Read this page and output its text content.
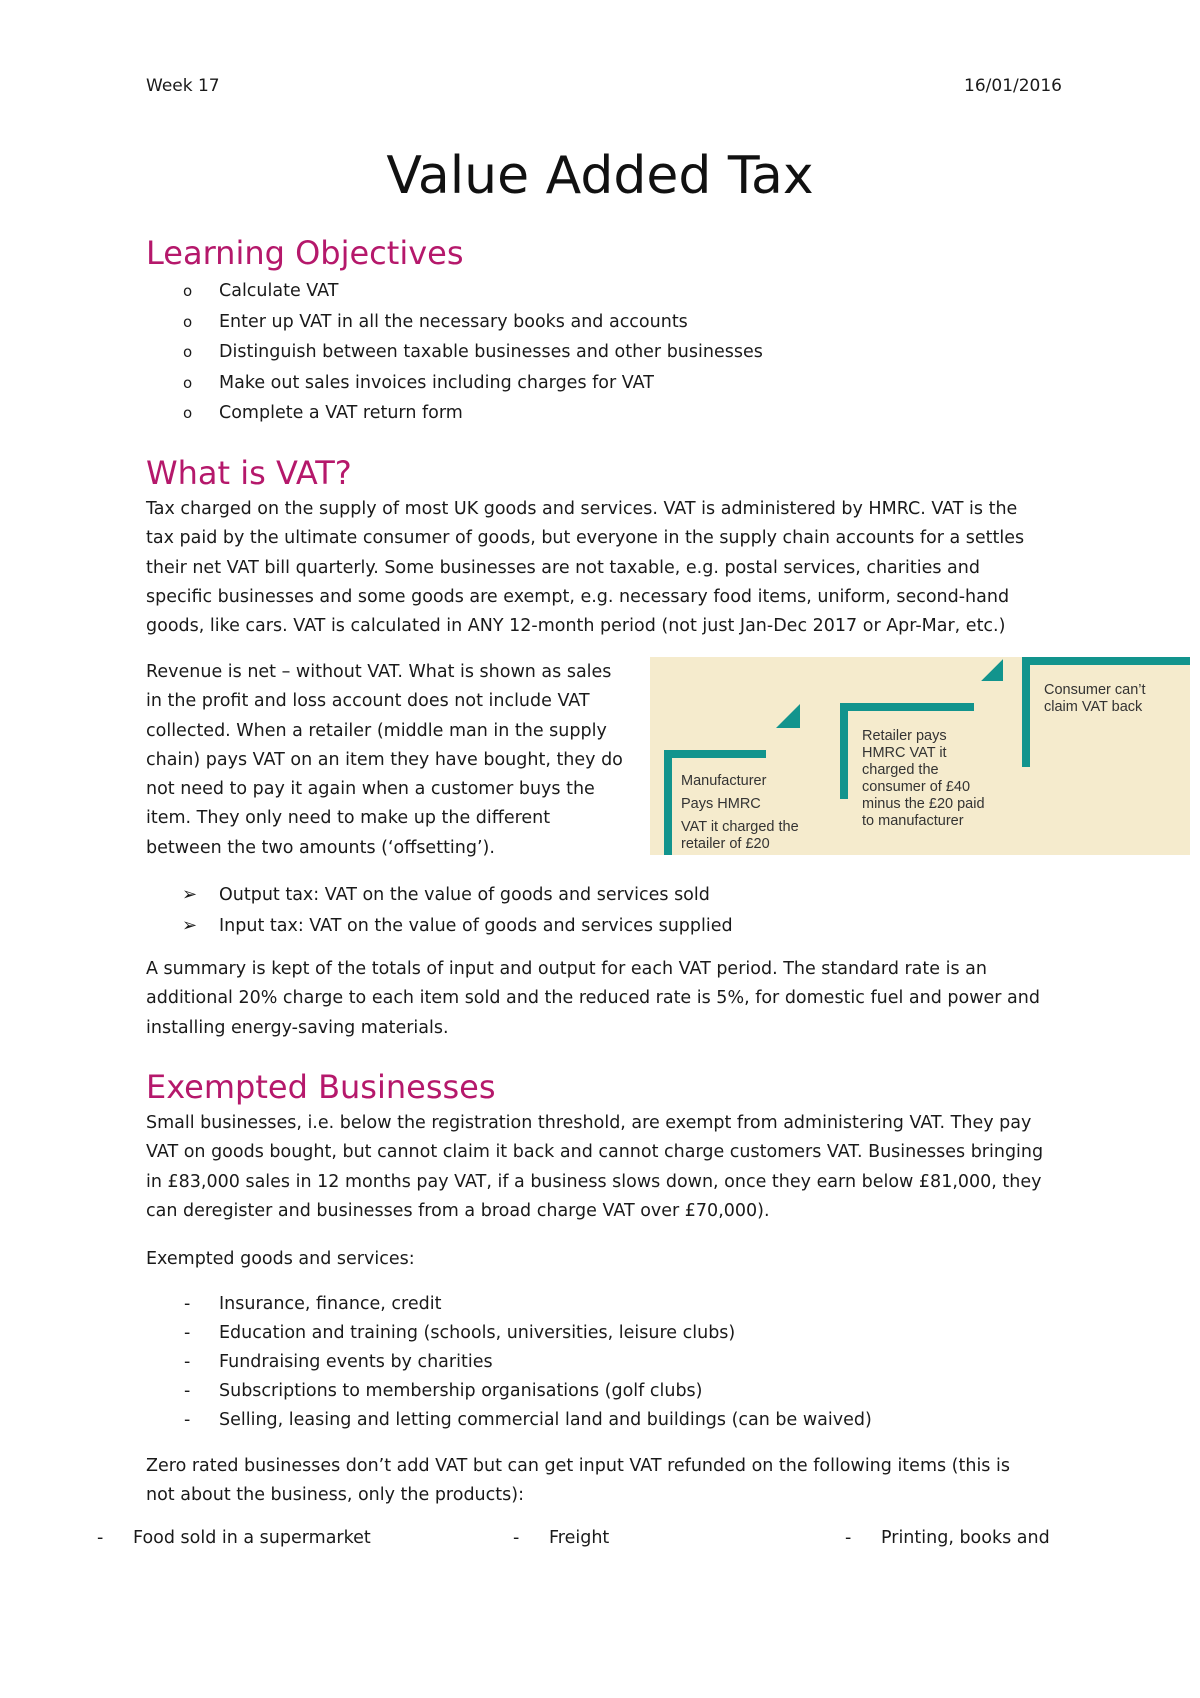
Week 17	16/01/2016
Value Added Tax
Learning Objectives
o Calculate VAT
o Enter up VAT in all the necessary books and accounts
o Distinguish between taxable businesses and other businesses
o Make out sales invoices including charges for VAT
o Complete a VAT return form
What is VAT?
Tax charged on the supply of most UK goods and services. VAT is administered by HMRC. VAT is the
tax paid by the ultimate consumer of goods, but everyone in the supply chain accounts for a settles
their net VAT bill quarterly. Some businesses are not taxable, e.g. postal services, charities and
specific businesses and some goods are exempt, e.g. necessary food items, uniform, second-hand
goods, like cars. VAT is calculated in ANY 12-month period (not just Jan-Dec 2017 or Apr-Mar, etc.)
Revenue is net – without VAT. What is shown as sales
in the profit and loss account does not include VAT
collected. When a retailer (middle man in the supply
chain) pays VAT on an item they have bought, they do
not need to pay it again when a customer buys the
item. They only need to make up the different
between the two amounts (‘offsetting’).
Manufacturer
Pays HMRC
VAT it charged the
retailer of £20
Retailer pays
HMRC VAT it
charged the
consumer of £40
minus the £20 paid
to manufacturer
Consumer can’t
claim VAT back
➢ Output tax: VAT on the value of goods and services sold
➢ Input tax: VAT on the value of goods and services supplied
A summary is kept of the totals of input and output for each VAT period. The standard rate is an
additional 20% charge to each item sold and the reduced rate is 5%, for domestic fuel and power and
installing energy-saving materials.
Exempted Businesses
Small businesses, i.e. below the registration threshold, are exempt from administering VAT. They pay
VAT on goods bought, but cannot claim it back and cannot charge customers VAT. Businesses bringing
in £83,000 sales in 12 months pay VAT, if a business slows down, once they earn below £81,000, they
can deregister and businesses from a broad charge VAT over £70,000).
Exempted goods and services:
- Insurance, finance, credit
- Education and training (schools, universities, leisure clubs)
- Fundraising events by charities
- Subscriptions to membership organisations (golf clubs)
- Selling, leasing and letting commercial land and buildings (can be waived)
Zero rated businesses don’t add VAT but can get input VAT refunded on the following items (this is
not about the business, only the products):
- Food sold in a supermarket	- Freight	- Printing, books and
